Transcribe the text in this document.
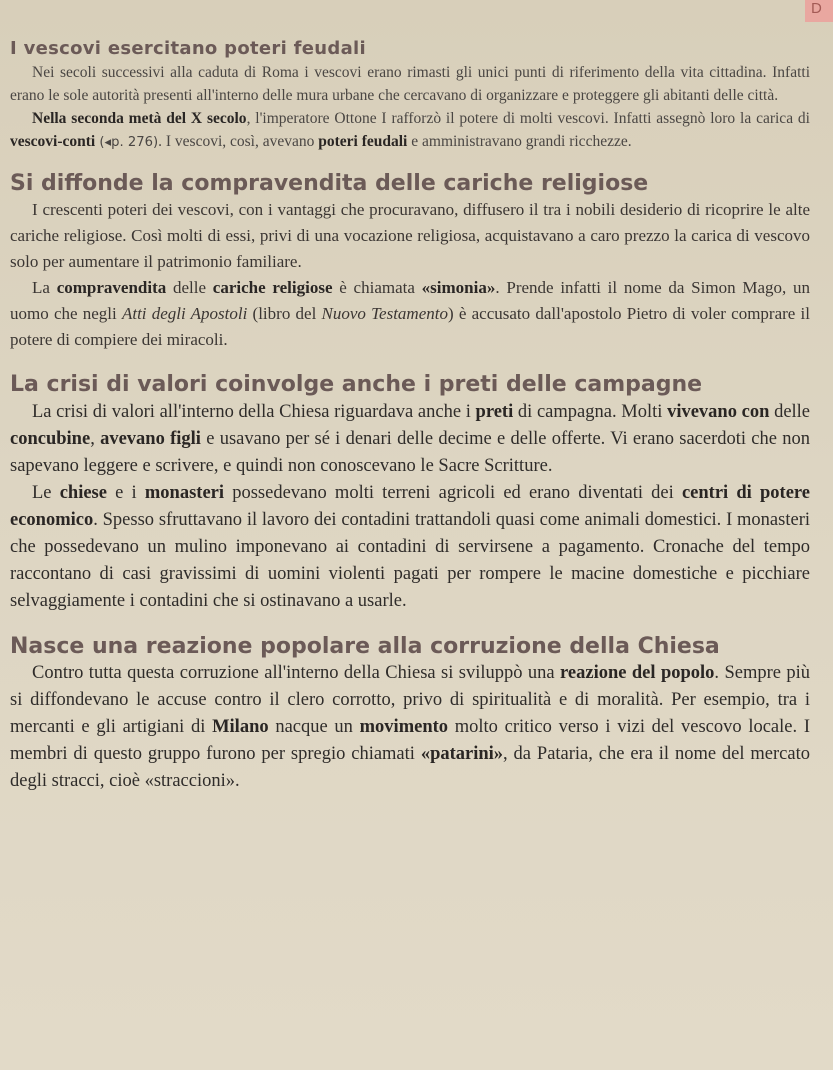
D
I vescovi esercitano poteri feudali

Nei secoli successivi alla caduta di Roma i vescovi erano rimasti gli unici punti di riferimento della vita cittadina. Infatti erano le sole autorità presenti all'interno delle mura urbane che cercavano di organizzare e proteggere gli abitanti delle città.

Nella seconda metà del X secolo, l'imperatore Ottone I rafforzò il potere di molti vescovi. Infatti assegnò loro la carica di vescovi-conti (◂p. 276). I vescovi, così, avevano poteri feudali e amministravano grandi ricchezze.

Si diffonde la compravendita delle cariche religiose

I crescenti poteri dei vescovi, con i vantaggi che procuravano, diffusero il tra i nobili desiderio di ricoprire le alte cariche religiose. Così molti di essi, privi di una vocazione religiosa, acquistavano a caro prezzo la carica di vescovo solo per aumentare il patrimonio familiare.

La compravendita delle cariche religiose è chiamata «simonia». Prende infatti il nome da Simon Mago, un uomo che negli Atti degli Apostoli (libro del Nuovo Testamento) è accusato dall'apostolo Pietro di voler comprare il potere di compiere dei miracoli.

La crisi di valori coinvolge anche i preti delle campagne

La crisi di valori all'interno della Chiesa riguardava anche i preti di campagna. Molti vivevano con delle concubine, avevano figli e usavano per sé i denari delle decime e delle offerte. Vi erano sacerdoti che non sapevano leggere e scrivere, e quindi non conoscevano le Sacre Scritture.

Le chiese e i monasteri possedevano molti terreni agricoli ed erano diventati dei centri di potere economico. Spesso sfruttavano il lavoro dei contadini trattandoli quasi come animali domestici. I monasteri che possedevano un mulino imponevano ai contadini di servirsene a pagamento. Cronache del tempo raccontano di casi gravissimi di uomini violenti pagati per rompere le macine domestiche e picchiare selvaggiamente i contadini che si ostinavano a usarle.

Nasce una reazione popolare alla corruzione della Chiesa

Contro tutta questa corruzione all'interno della Chiesa si sviluppò una reazione del popolo. Sempre più si diffondevano le accuse contro il clero corrotto, privo di spiritualità e di moralità. Per esempio, tra i mercanti e gli artigiani di Milano nacque un movimento molto critico verso i vizi del vescovo locale. I membri di questo gruppo furono per spregio chiamati «patarini», da Pataria, che era il nome del mercato degli stracci, cioè «straccioni».
